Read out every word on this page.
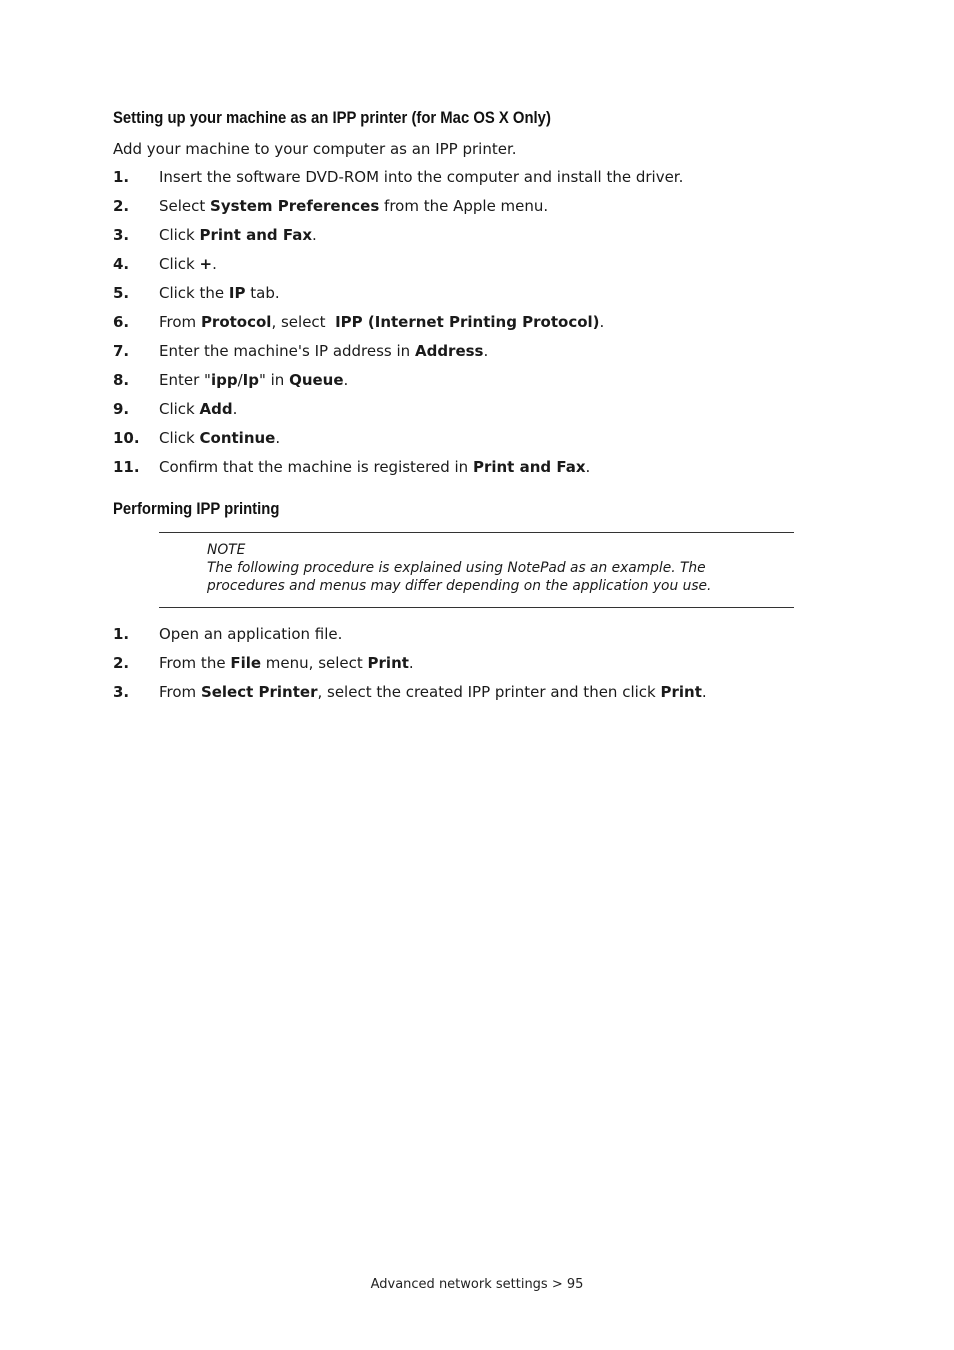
Setting up your machine as an IPP printer (for Mac OS X Only)

Add your machine to your computer as an IPP printer.

1. Insert the software DVD-ROM into the computer and install the driver.
2. Select System Preferences from the Apple menu.
3. Click Print and Fax.
4. Click +.
5. Click the IP tab.
6. From Protocol, select  IPP (Internet Printing Protocol).
7. Enter the machine's IP address in Address.
8. Enter "ipp/Ip" in Queue.
9. Click Add.
10. Click Continue.
11. Confirm that the machine is registered in Print and Fax.
Performing IPP printing
NOTE
The following procedure is explained using NotePad as an example. The
procedures and menus may differ depending on the application you use.
1. Open an application file.
2. From the File menu, select Print.
3. From Select Printer, select the created IPP printer and then click Print.
Advanced network settings > 95
